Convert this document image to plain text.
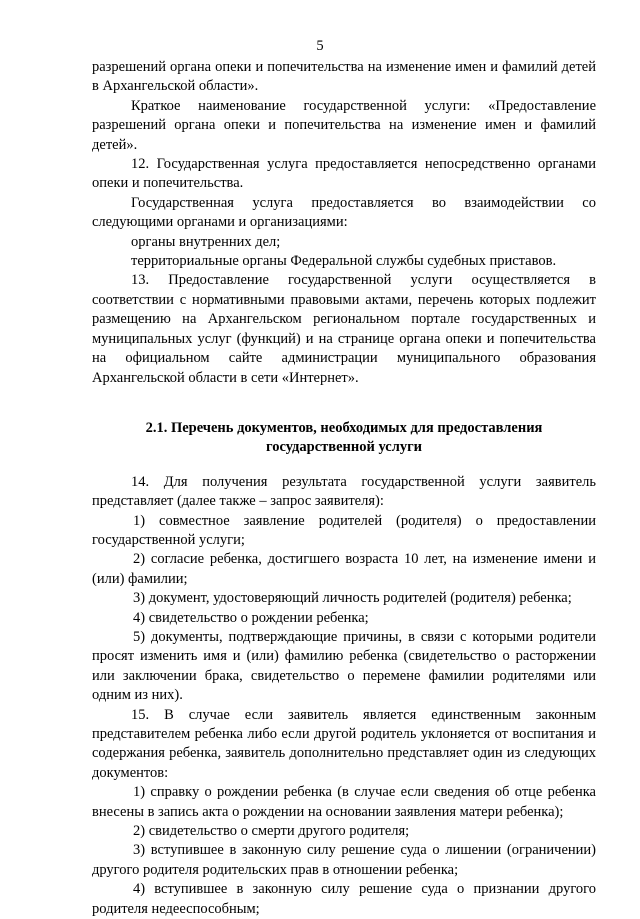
5

разрешений органа опеки и попечительства на изменение имен и фамилий детей в Архангельской области».

Краткое наименование государственной услуги: «Предоставление разрешений органа опеки и попечительства на изменение имен и фамилий детей».

12. Государственная услуга предоставляется непосредственно органами опеки и попечительства.

Государственная услуга предоставляется во взаимодействии со следующими органами и организациями:

органы внутренних дел;

территориальные органы Федеральной службы судебных приставов.

13. Предоставление государственной услуги осуществляется в соответствии с нормативными правовыми актами, перечень которых подлежит размещению на Архангельском региональном портале государственных и муниципальных услуг (функций) и на странице органа опеки и попечительства на официальном сайте администрации муниципального образования Архангельской области в сети «Интернет».

2.1. Перечень документов, необходимых для предоставления
государственной услуги

14. Для получения результата государственной услуги заявитель представляет (далее также – запрос заявителя):

1) совместное заявление родителей (родителя) о предоставлении государственной услуги;

2) согласие ребенка, достигшего возраста 10 лет, на изменение имени и (или) фамилии;

3) документ, удостоверяющий личность родителей (родителя) ребенка;

4) свидетельство о рождении ребенка;

5) документы, подтверждающие причины, в связи с которыми родители просят изменить имя и (или) фамилию ребенка (свидетельство о расторжении или заключении брака, свидетельство о перемене фамилии родителями или одним из них).

15. В случае если заявитель является единственным законным представителем ребенка либо если другой родитель уклоняется от воспитания и содержания ребенка, заявитель дополнительно представляет один из следующих документов:

1) справку о рождении ребенка (в случае если сведения об отце ребенка внесены в запись акта о рождении на основании заявления матери ребенка);

2) свидетельство о смерти другого родителя;

3) вступившее в законную силу решение суда о лишении (ограничении) другого родителя родительских прав в отношении ребенка;

4) вступившее в законную силу решение суда о признании другого родителя недееспособным;
